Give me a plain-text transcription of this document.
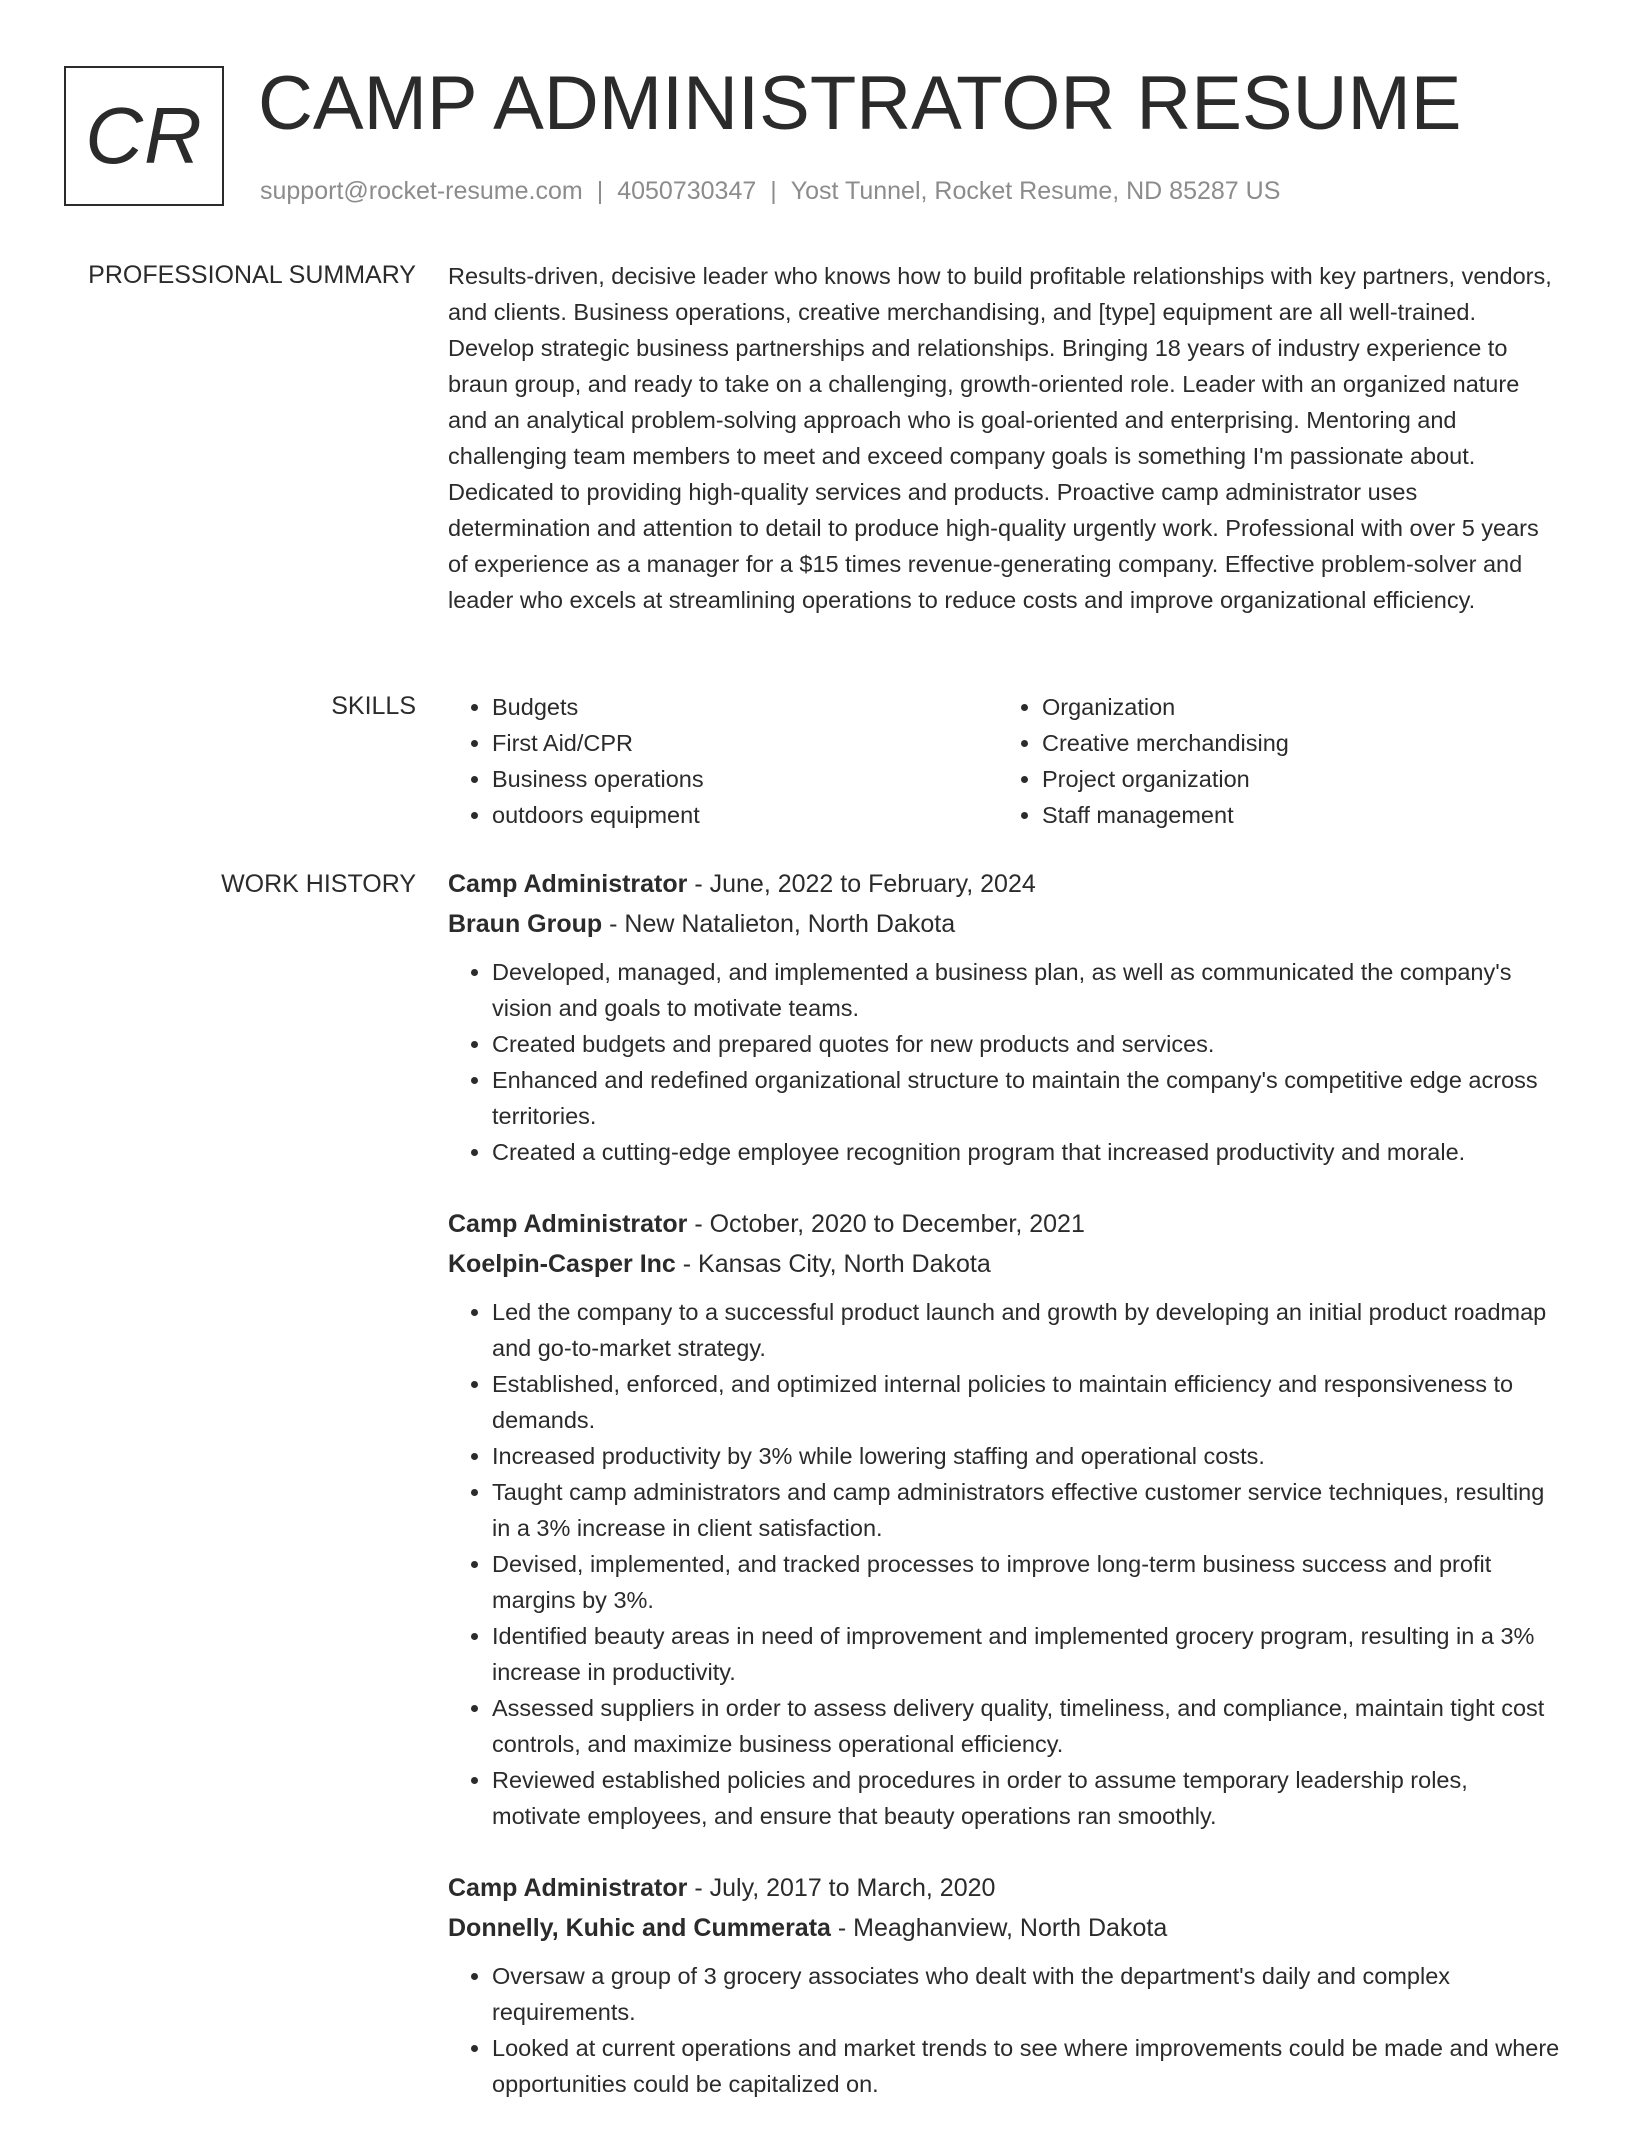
CR CAMP ADMINISTRATOR RESUME
support@rocket-resume.com | 4050730347 | Yost Tunnel, Rocket Resume, ND 85287 US
PROFESSIONAL SUMMARY Results-driven, decisive leader who knows how to build profitable relationships with key partners, vendors, and clients. Business operations, creative merchandising, and [type] equipment are all well-trained. Develop strategic business partnerships and relationships. Bringing 18 years of industry experience to braun group, and ready to take on a challenging, growth-oriented role. Leader with an organized nature and an analytical problem-solving approach who is goal-oriented and enterprising. Mentoring and challenging team members to meet and exceed company goals is something I'm passionate about. Dedicated to providing high-quality services and products. Proactive camp administrator uses determination and attention to detail to produce high-quality urgently work. Professional with over 5 years of experience as a manager for a $15 times revenue-generating company. Effective problem-solver and leader who excels at streamlining operations to reduce costs and improve organizational efficiency.

SKILLS
•	Budgets
• First Aid/CPR
• Business operations
• outdoors equipment
• Organization
• Creative merchandising
• Project organization
• Staff management
WORK HISTORY Camp Administrator - June, 2022 to February, 2024

Braun Group - New Natalieton, North Dakota

• Developed, managed, and implemented a business plan, as well as communicated the company's vision and goals to motivate teams.
• Created budgets and prepared quotes for new products and services.
• Enhanced and redefined organizational structure to maintain the company's competitive edge across territories.
• Created a cutting-edge employee recognition program that increased productivity and morale.

Camp Administrator - October, 2020 to December, 2021

Koelpin-Casper Inc - Kansas City, North Dakota

• Led the company to a successful product launch and growth by developing an initial product roadmap and go-to-market strategy.
• Established, enforced, and optimized internal policies to maintain efficiency and responsiveness to demands.
• Increased productivity by 3% while lowering staffing and operational costs.
• Taught camp administrators and camp administrators effective customer service techniques, resulting in a 3% increase in client satisfaction.
• Devised, implemented, and tracked processes to improve long-term business success and profit margins by 3%.
• Identified beauty areas in need of improvement and implemented grocery program, resulting in a 3% increase in productivity.
• Assessed suppliers in order to assess delivery quality, timeliness, and compliance, maintain tight cost controls, and maximize business operational efficiency.
• Reviewed established policies and procedures in order to assume temporary leadership roles, motivate employees, and ensure that beauty operations ran smoothly.

Camp Administrator - July, 2017 to March, 2020

Donnelly, Kuhic and Cummerata - Meaghanview, North Dakota

• Oversaw a group of 3 grocery associates who dealt with the department's daily and complex requirements.
• Looked at current operations and market trends to see where improvements could be made and where opportunities could be capitalized on.
